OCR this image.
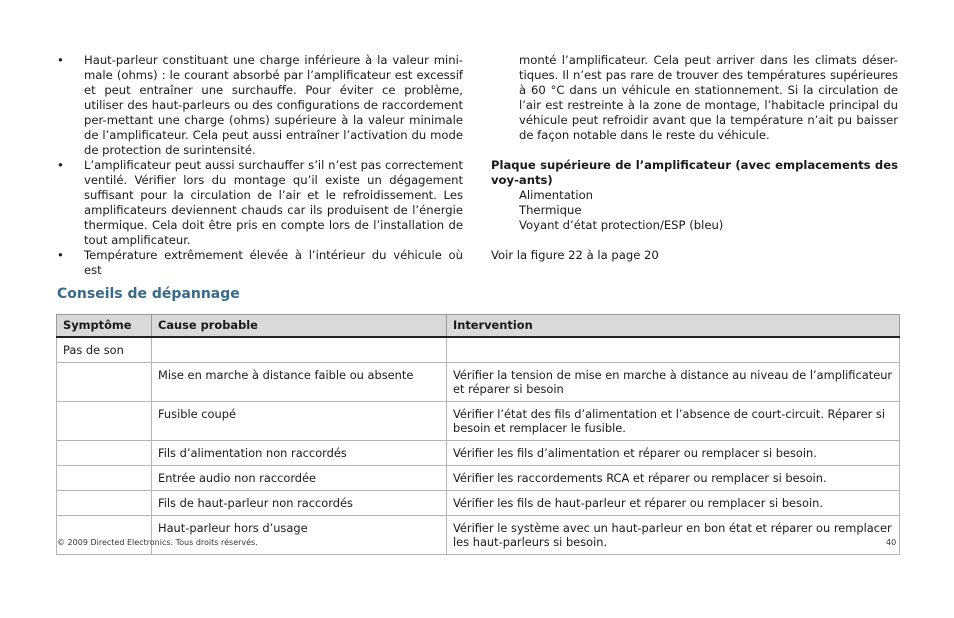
• Haut-parleur constituant une charge inférieure à la valeur mini-male (ohms) : le courant absorbé par l’amplificateur est excessif et peut entraîner une surchauffe. Pour éviter ce problème, utiliser des haut-parleurs ou des configurations de raccordement per-mettant une charge (ohms) supérieure à la valeur minimale de l’amplificateur. Cela peut aussi entraîner l’activation du mode de protection de surintensité.
• L’amplificateur peut aussi surchauffer s’il n’est pas correctement ventilé. Vérifier lors du montage qu’il existe un dégagement suffisant pour la circulation de l’air et le refroidissement. Les amplificateurs deviennent chauds car ils produisent de l’énergie thermique. Cela doit être pris en compte lors de l’installation de tout amplificateur.
• Température extrêmement élevée à l’intérieur du véhicule où est

monté l’amplificateur. Cela peut arriver dans les climats déser-tiques. Il n’est pas rare de trouver des températures supérieures à 60 °C dans un véhicule en stationnement. Si la circulation de l’air est restreinte à la zone de montage, l’habitacle principal du véhicule peut refroidir avant que la température n’ait pu baisser de façon notable dans le reste du véhicule.

Plaque supérieure de l’amplificateur (avec emplacements des voy-ants)

Alimentation
Thermique
Voyant d’état protection/ESP (bleu)

Voir la figure 22 à la page 20

Conseils de dépannage
Symptôme	Cause probable	Intervention
Pas de son		
	Mise en marche à distance faible ou absente	Vérifier la tension de mise en marche à distance au niveau de l’amplificateur et réparer si besoin
	Fusible coupé	Vérifier l’état des fils d’alimentation et l’absence de court-circuit. Réparer si besoin et remplacer le fusible.
	Fils d’alimentation non raccordés	Vérifier les fils d’alimentation et réparer ou remplacer si besoin.
	Entrée audio non raccordée	Vérifier les raccordements RCA et réparer ou remplacer si besoin.
	Fils de haut-parleur non raccordés	Vérifier les fils de haut-parleur et réparer ou remplacer si besoin.
	Haut-parleur hors d’usage	Vérifier le système avec un haut-parleur en bon état et réparer ou remplacer les haut-parleurs si besoin.
© 2009 Directed Electronics. Tous droits réservés.	40
